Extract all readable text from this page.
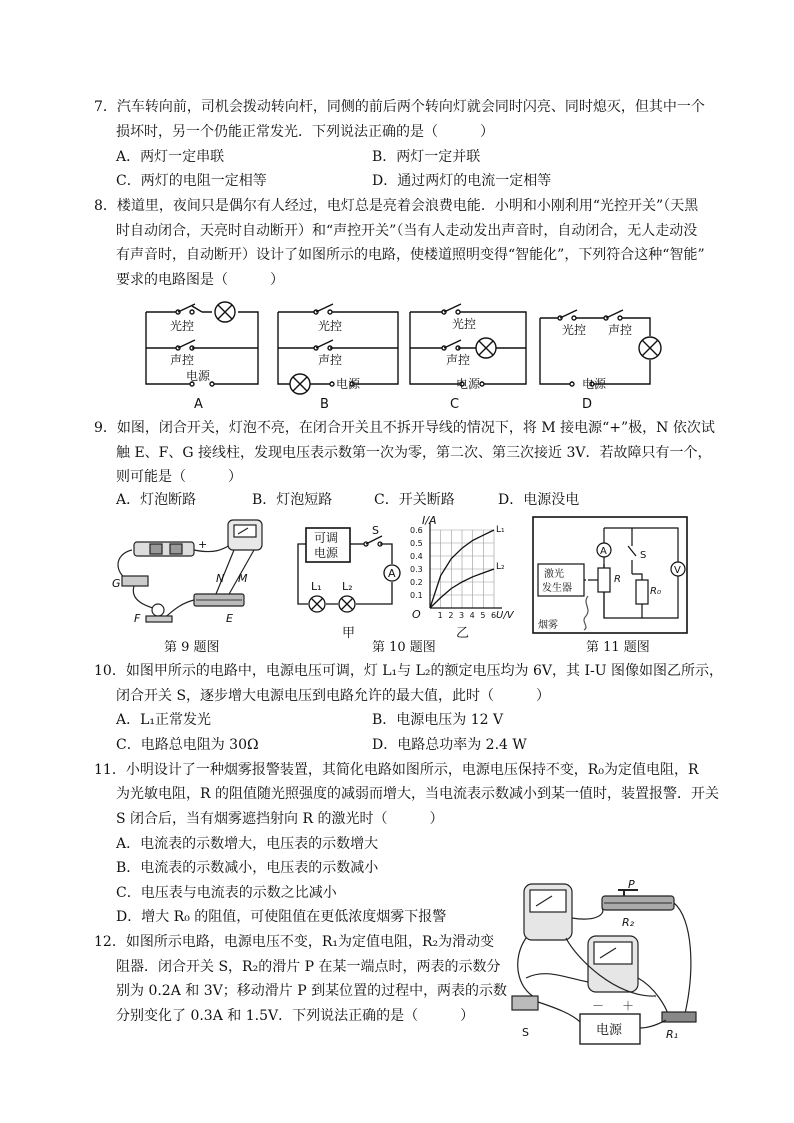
7．汽车转向前，司机会拨动转向杆，同侧的前后两个转向灯就会同时闪亮、同时熄灭，但其中一个
损坏时，另一个仍能正常发光．下列说法正确的是（　　　）
A．两灯一定串联	B．两灯一定并联
C．两灯的电阻一定相等	D．通过两灯的电流一定相等
8．楼道里，夜间只是偶尔有人经过，电灯总是亮着会浪费电能．小明和小刚利用“光控开关”（天黑
时自动闭合，天亮时自动断开）和“声控开关”（当有人走动发出声音时，自动闭合，无人走动没
有声音时，自动断开）设计了如图所示的电路，使楼道照明变得“智能化”，下列符合这种“智能”
要求的电路图是（　　　）
光控
声控
电源
A
光控
声控
电源
B
光控
声控
电源
C
光控 声控
电源
D
9．如图，闭合开关，灯泡不亮，在闭合开关且不拆开导线的情况下，将 M 接电源“+”极，N 依次试
触 E、F、G 接线柱，发现电压表示数第一次为零，第二次、第三次接近 3V．若故障只有一个，
则可能是（　　　）
A．灯泡断路	B．灯泡短路	C．开关断路	D．电源没电
+
N M
G
E
F
第 9 题图
可调
电源
S
A
L₁ L₂
甲
I/A
U/V
O 1 2 3 4 5 6
0.1
0.2
0.3
0.4
0.5
0.6	L₁
L₂
乙
第 10 题图
A	S
R₀
R
V
激光
发生器
烟雾
第 11 题图
10．如图甲所示的电路中，电源电压可调，灯 L₁与 L₂的额定电压均为 6V，其 I-U 图像如图乙所示，
闭合开关 S，逐步增大电源电压到电路允许的最大值，此时（　　　）
A．L₁正常发光	B．电源电压为 12 V
C．电路总电阻为 30Ω	D．电路总功率为 2.4 W
11．小明设计了一种烟雾报警装置，其简化电路如图所示，电源电压保持不变，R₀为定值电阻，R
为光敏电阻，R 的阻值随光照强度的减弱而增大，当电流表示数减小到某一值时，装置报警．开关
S 闭合后，当有烟雾遮挡射向 R 的激光时（　　　）
A．电流表的示数增大，电压表的示数增大
B．电流表的示数减小，电压表的示数减小
C．电压表与电流表的示数之比减小
D．增大 R₀ 的阻值，可使阻值在更低浓度烟雾下报警
12．如图所示电路，电源电压不变，R₁为定值电阻，R₂为滑动变
阻器．闭合开关 S，R₂的滑片 P 在某一端点时，两表的示数分
别为 0.2A 和 3V；移动滑片 P 到某位置的过程中，两表的示数
分别变化了 0.3A 和 1.5V．下列说法正确的是（　　　）
P
R₂
S	电源
－ ＋
R₁
